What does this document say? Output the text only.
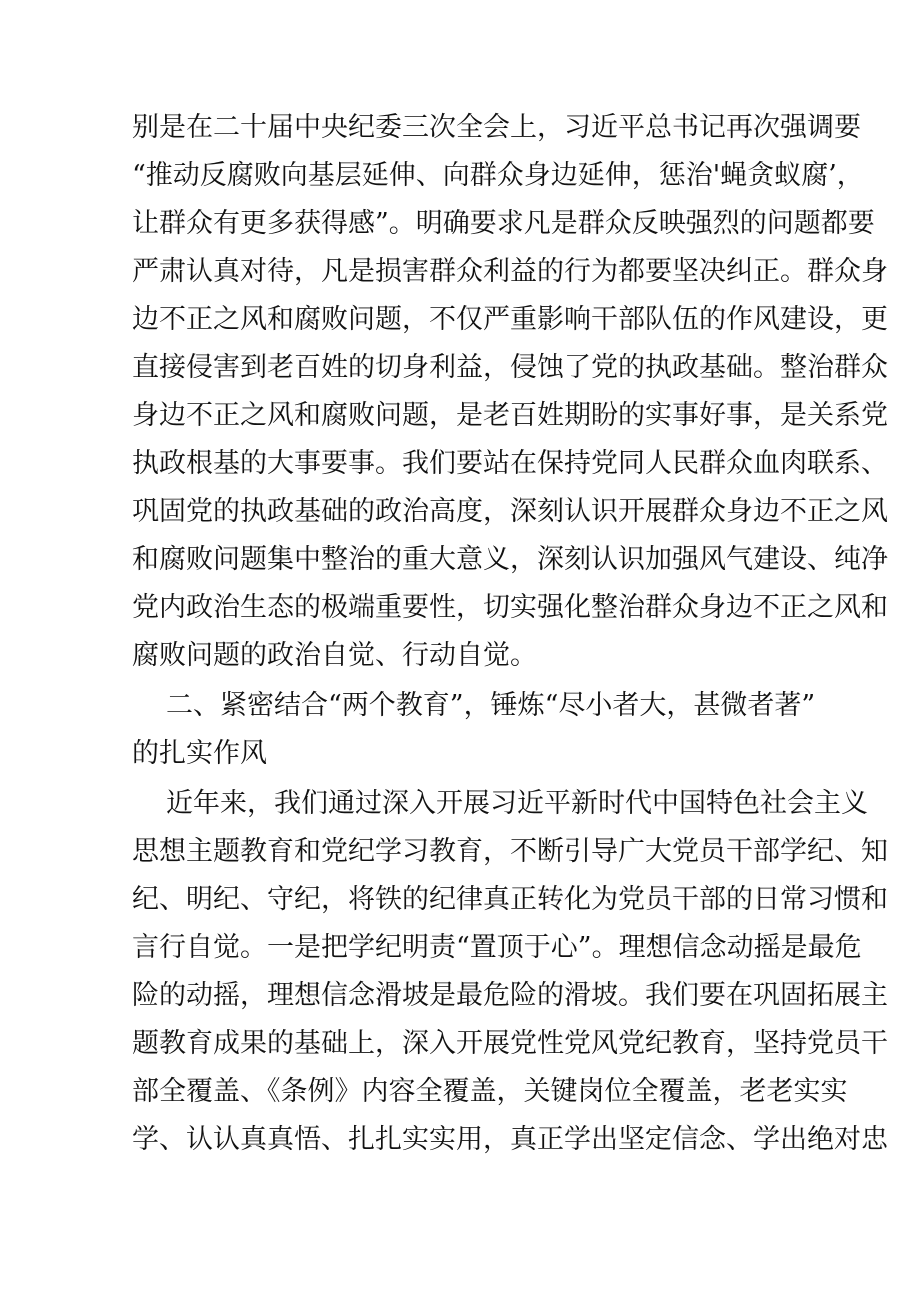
别是在二十届中央纪委三次全会上，习近平总书记再次强调要
“推动反腐败向基层延伸、向群众身边延伸，惩治'蝇贪蚁腐’，
让群众有更多获得感”。明确要求凡是群众反映强烈的问题都要
严肃认真对待，凡是损害群众利益的行为都要坚决纠正。群众身
边不正之风和腐败问题，不仅严重影响干部队伍的作风建设，更
直接侵害到老百姓的切身利益，侵蚀了党的执政基础。整治群众
身边不正之风和腐败问题，是老百姓期盼的实事好事，是关系党
执政根基的大事要事。我们要站在保持党同人民群众血肉联系、
巩固党的执政基础的政治高度，深刻认识开展群众身边不正之风
和腐败问题集中整治的重大意义，深刻认识加强风气建设、纯净
党内政治生态的极端重要性，切实强化整治群众身边不正之风和
腐败问题的政治自觉、行动自觉。
二、紧密结合“两个教育”，锤炼“尽小者大，甚微者著”
的扎实作风
近年来，我们通过深入开展习近平新时代中国特色社会主义
思想主题教育和党纪学习教育，不断引导广大党员干部学纪、知
纪、明纪、守纪，将铁的纪律真正转化为党员干部的日常习惯和
言行自觉。一是把学纪明责“置顶于心”。理想信念动摇是最危
险的动摇，理想信念滑坡是最危险的滑坡。我们要在巩固拓展主
题教育成果的基础上，深入开展党性党风党纪教育，坚持党员干
部全覆盖、《条例》内容全覆盖，关键岗位全覆盖，老老实实
学、认认真真悟、扎扎实实用，真正学出坚定信念、学出绝对忠
